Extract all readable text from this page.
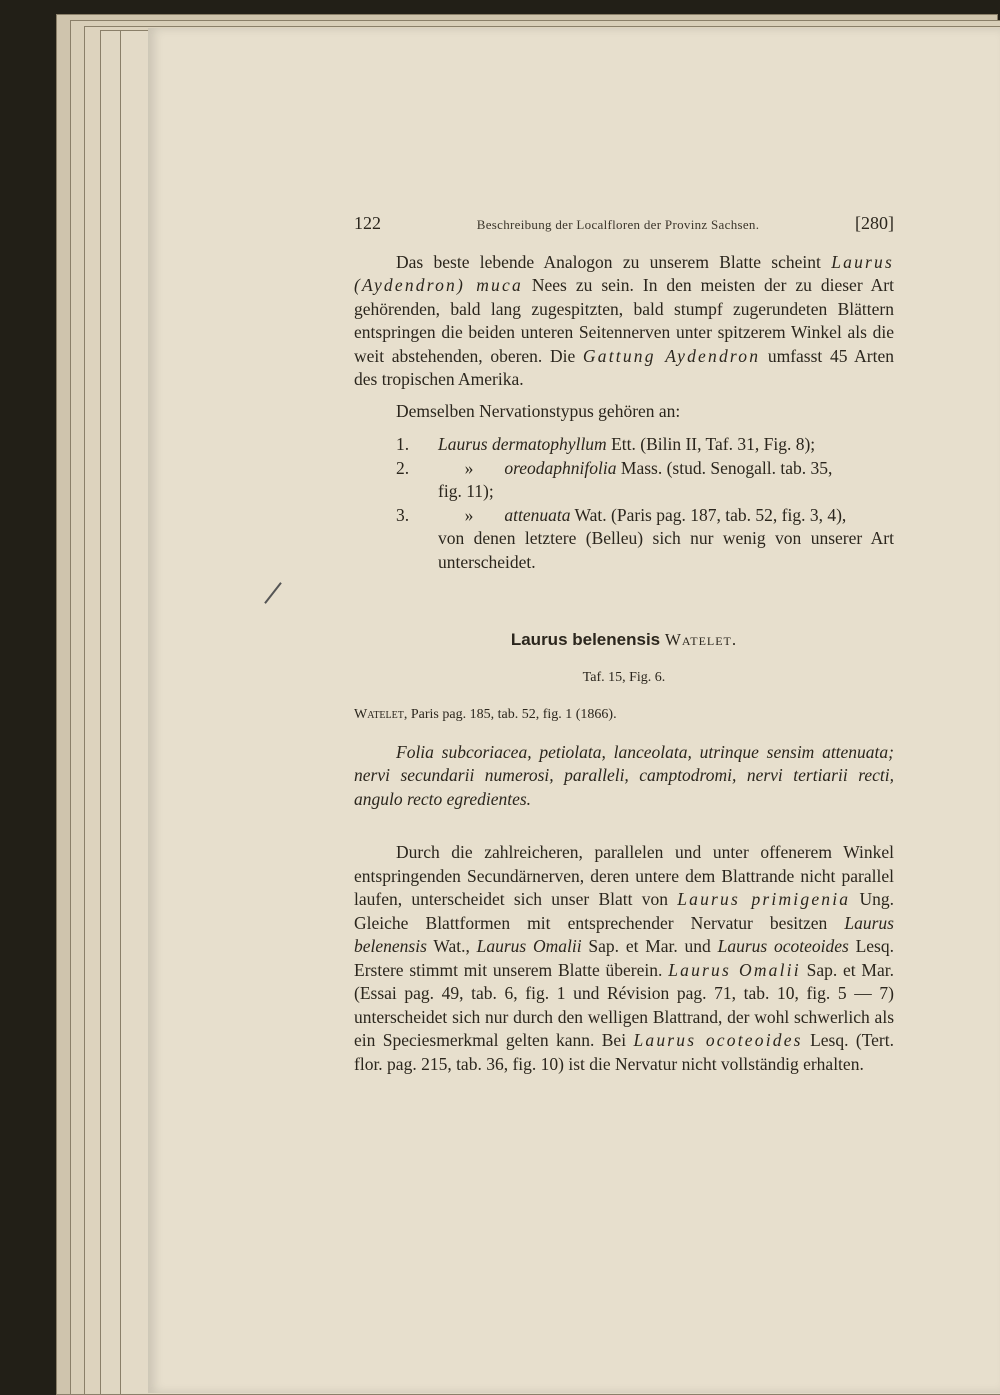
122	Beschreibung der Localfloren der Provinz Sachsen.	[280]

Das beste lebende Analogon zu unserem Blatte scheint Laurus (Aydendron) muca Nees zu sein. In den meisten der zu dieser Art gehörenden, bald lang zugespitzten, bald stumpf zugerundeten Blättern entspringen die beiden unteren Seitennerven unter spitzerem Winkel als die weit abstehenden, oberen. Die Gattung Aydendron umfasst 45 Arten des tropischen Amerika.

Demselben Nervationstypus gehören an:

1.	Laurus dermatophyllum Ett. (Bilin II, Taf. 31, Fig. 8);
2.	» oreodaphnifolia Mass. (stud. Senogall. tab. 35,
fig. 11);
3.	» attenuata Wat. (Paris pag. 187, tab. 52, fig. 3, 4),
von denen letztere (Belleu) sich nur wenig von unserer Art unterscheidet.
Laurus belenensis Watelet.
Taf. 15, Fig. 6.
Watelet, Paris pag. 185, tab. 52, fig. 1 (1866).

Folia subcoriacea, petiolata, lanceolata, utrinque sensim attenuata; nervi secundarii numerosi, paralleli, camptodromi, nervi tertiarii recti, angulo recto egredientes.

Durch die zahlreicheren, parallelen und unter offenerem Winkel entspringenden Secundärnerven, deren untere dem Blattrande nicht parallel laufen, unterscheidet sich unser Blatt von Laurus primigenia Ung. Gleiche Blattformen mit entsprechender Nervatur besitzen Laurus belenensis Wat., Laurus Omalii Sap. et Mar. und Laurus ocoteoides Lesq. Erstere stimmt mit unserem Blatte überein. Laurus Omalii Sap. et Mar. (Essai pag. 49, tab. 6, fig. 1 und Révision pag. 71, tab. 10, fig. 5 — 7) unterscheidet sich nur durch den welligen Blattrand, der wohl schwerlich als ein Speciesmerkmal gelten kann. Bei Laurus ocoteoides Lesq. (Tert. flor. pag. 215, tab. 36, fig. 10) ist die Nervatur nicht vollständig erhalten.
